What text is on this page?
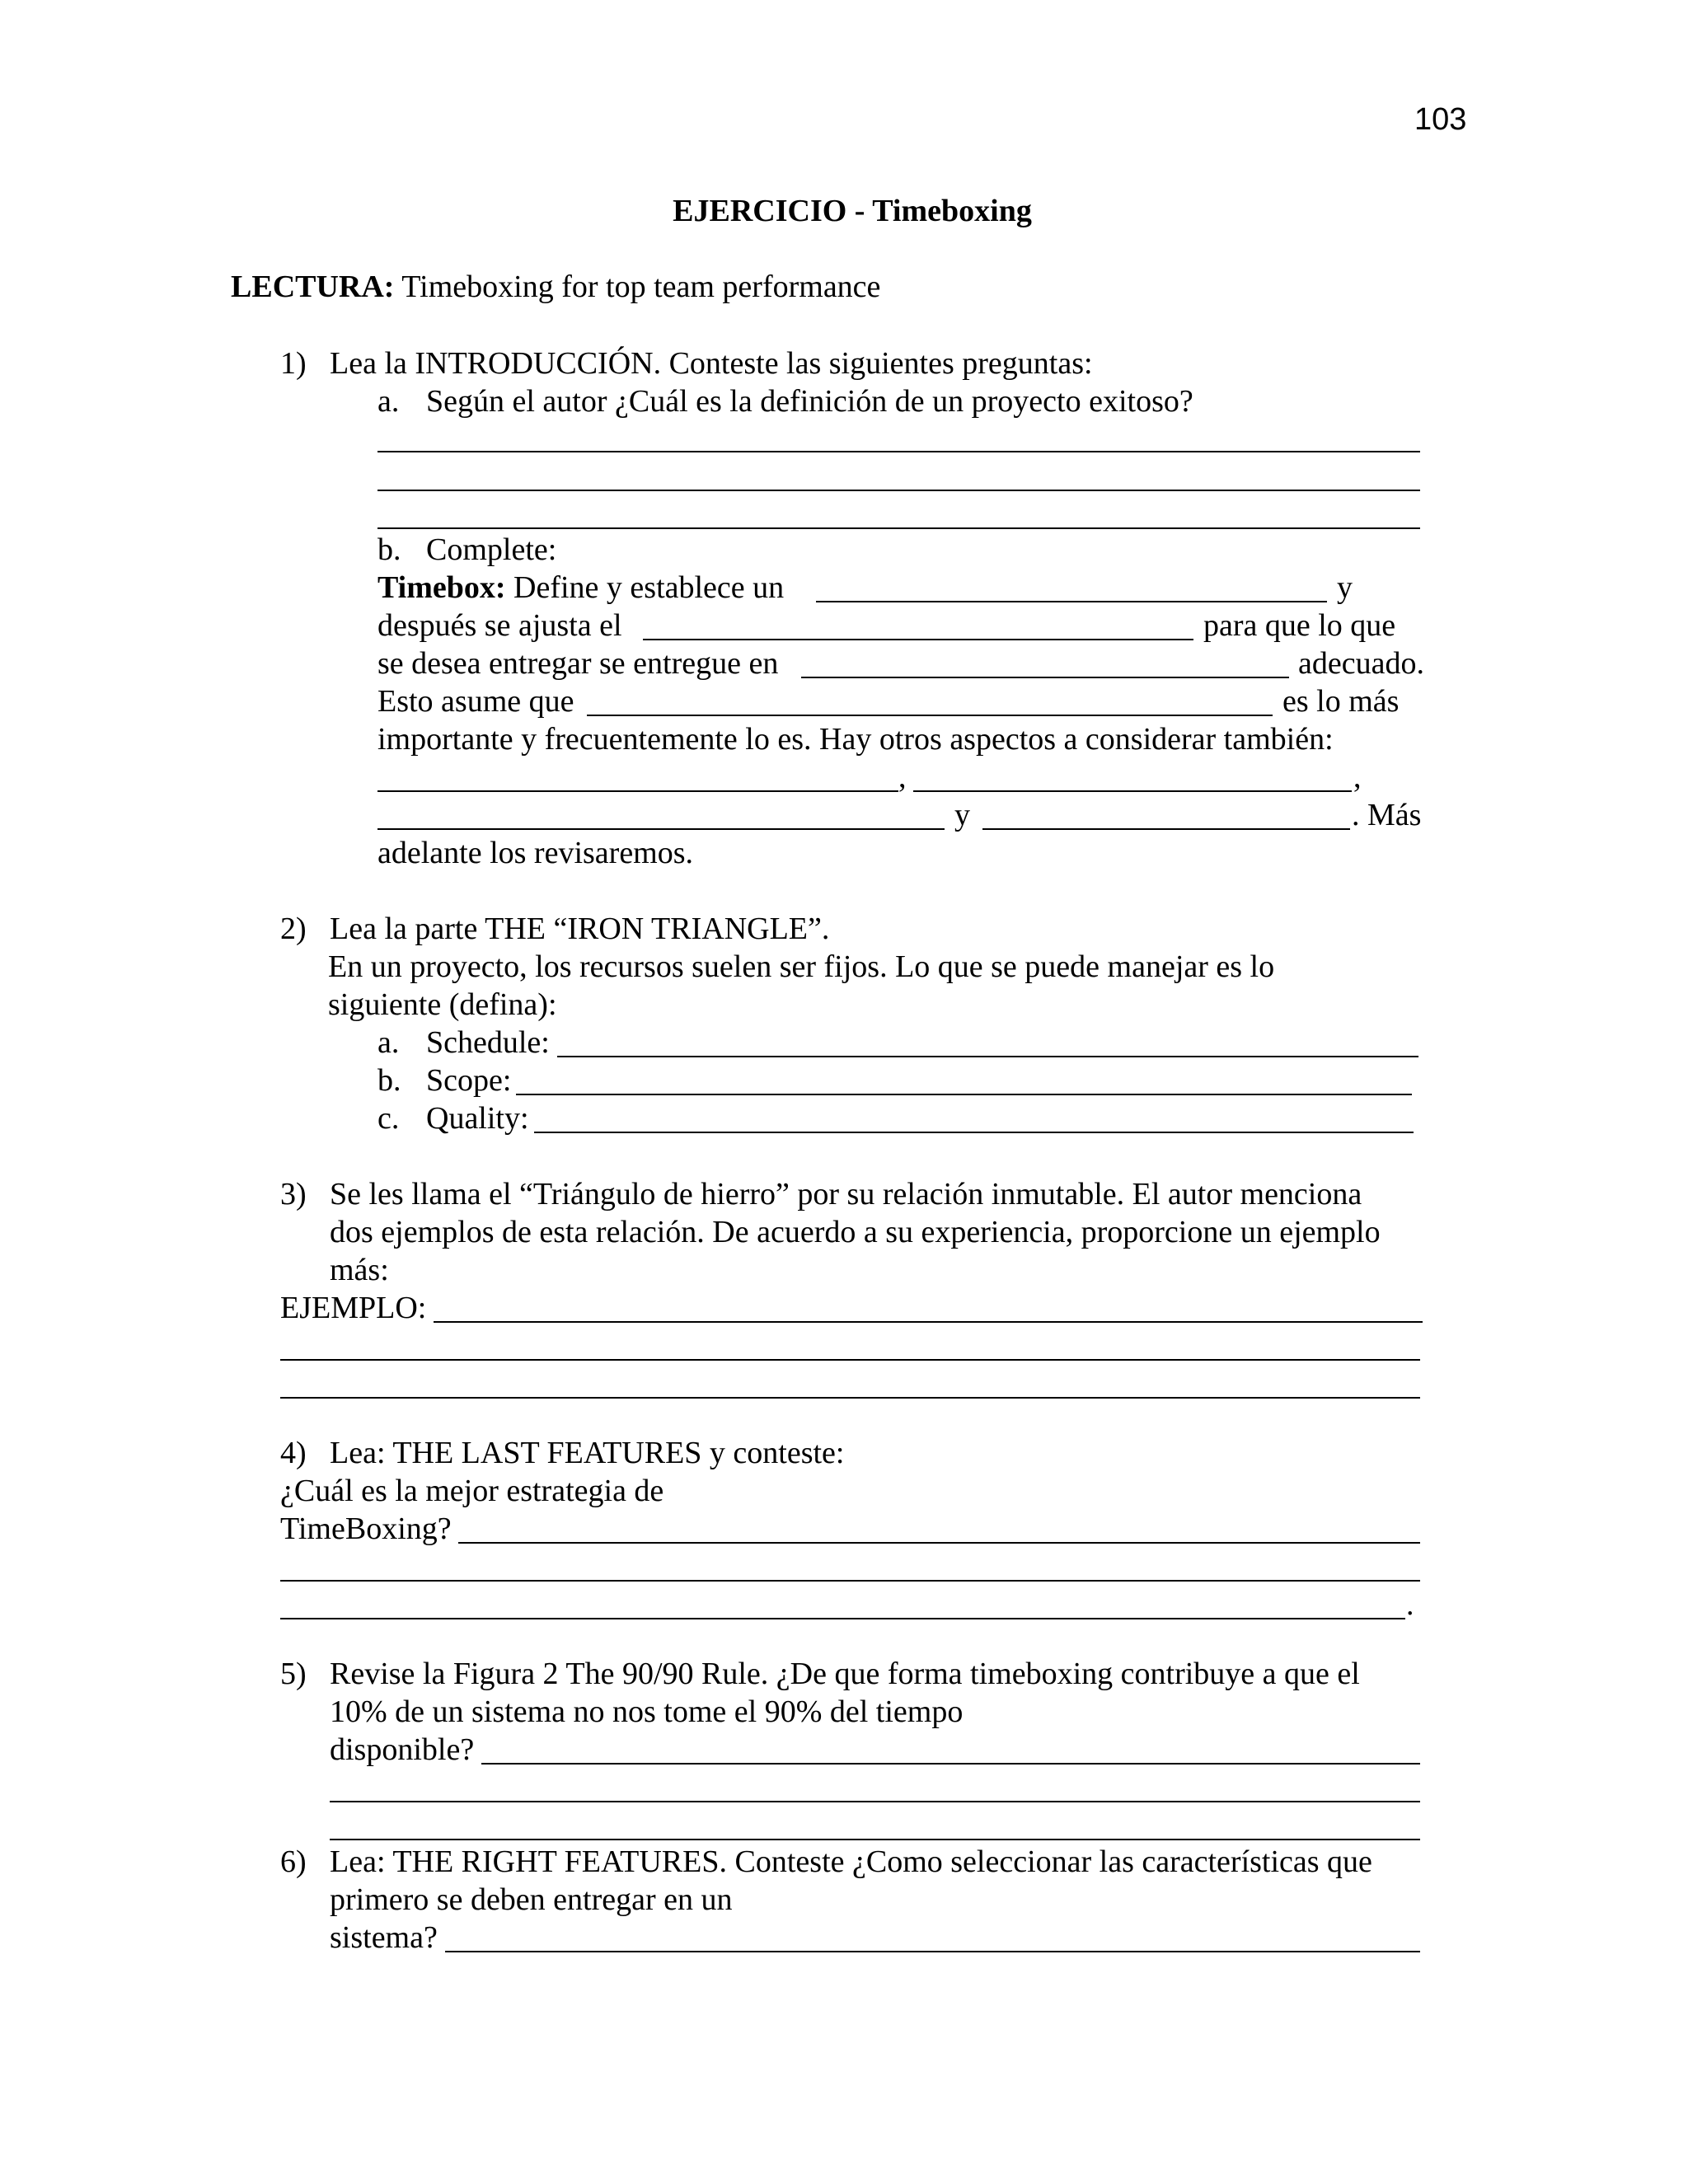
103
EJERCICIO - Timeboxing
LECTURA: Timeboxing for top team performance
1) Lea la INTRODUCCIÓN. Conteste las siguientes preguntas:
a. Según el autor ¿Cuál es la definición de un proyecto exitoso?
b. Complete:
Timebox: Define y establece un	y
después se ajusta el	para que lo que
se desea entregar se entregue en	adecuado.
Esto asume que	es lo más
importante y frecuentemente lo es. Hay otros aspectos a considerar también:
,	,
y	. Más
adelante los revisaremos.
2) Lea la parte THE “IRON TRIANGLE”.
En un proyecto, los recursos suelen ser fijos. Lo que se puede manejar es lo
siguiente (defina):
a. Schedule:
b. Scope:
c. Quality:
3) Se les llama el “Triángulo de hierro” por su relación inmutable. El autor menciona
dos ejemplos de esta relación. De acuerdo a su experiencia, proporcione un ejemplo
más:
EJEMPLO:
4) Lea: THE LAST FEATURES y conteste:
¿Cuál es la mejor estrategia de
TimeBoxing?
.
5) Revise la Figura 2 The 90/90 Rule. ¿De que forma timeboxing contribuye a que el
10% de un sistema no nos tome el 90% del tiempo
disponible?
6) Lea: THE RIGHT FEATURES. Conteste ¿Como seleccionar las características que
primero se deben entregar en un
sistema?
